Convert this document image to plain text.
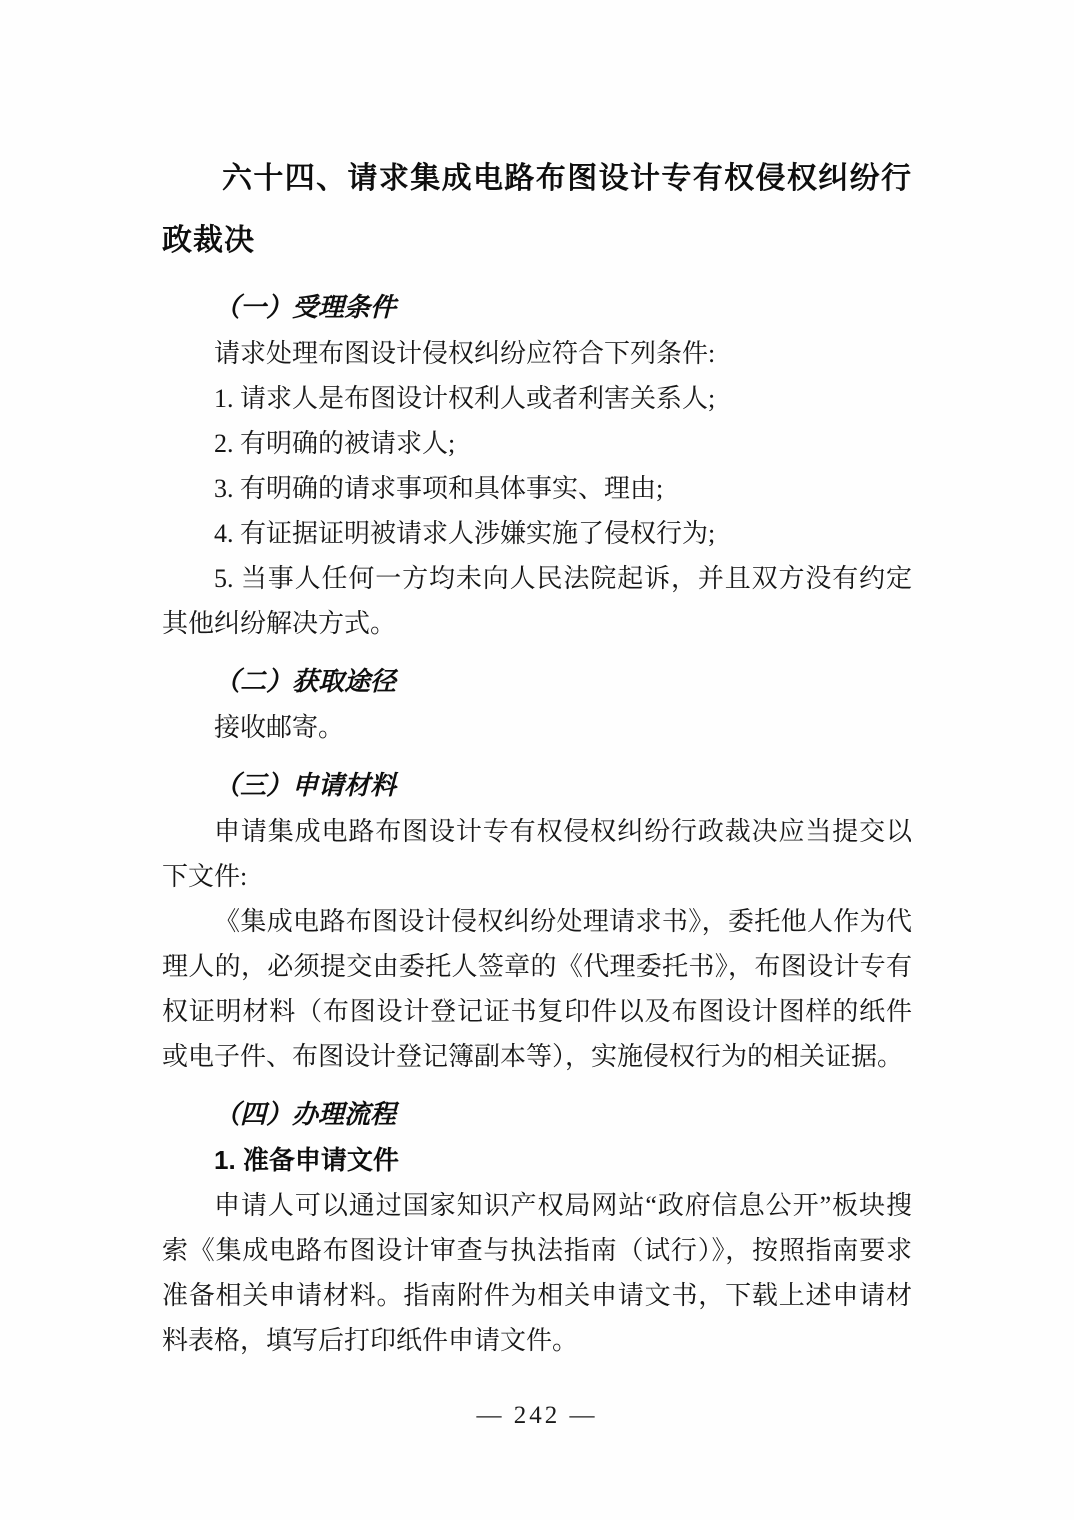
六十四、请求集成电路布图设计专有权侵权纠纷行政裁决
（一）受理条件

请求处理布图设计侵权纠纷应符合下列条件:

1. 请求人是布图设计权利人或者利害关系人;

2. 有明确的被请求人;

3. 有明确的请求事项和具体事实、理由;

4. 有证据证明被请求人涉嫌实施了侵权行为;

5. 当事人任何一方均未向人民法院起诉，并且双方没有约定其他纠纷解决方式。

（二）获取途径

接收邮寄。

（三）申请材料

申请集成电路布图设计专有权侵权纠纷行政裁决应当提交以下文件:

《集成电路布图设计侵权纠纷处理请求书》，委托他人作为代理人的，必须提交由委托人签章的《代理委托书》，布图设计专有权证明材料（布图设计登记证书复印件以及布图设计图样的纸件或电子件、布图设计登记簿副本等），实施侵权行为的相关证据。

（四）办理流程
1. 准备申请文件

申请人可以通过国家知识产权局网站“政府信息公开”板块搜索《集成电路布图设计审查与执法指南（试行）》，按照指南要求准备相关申请材料。指南附件为相关申请文书，下载上述申请材料表格，填写后打印纸件申请文件。

— 242 —
